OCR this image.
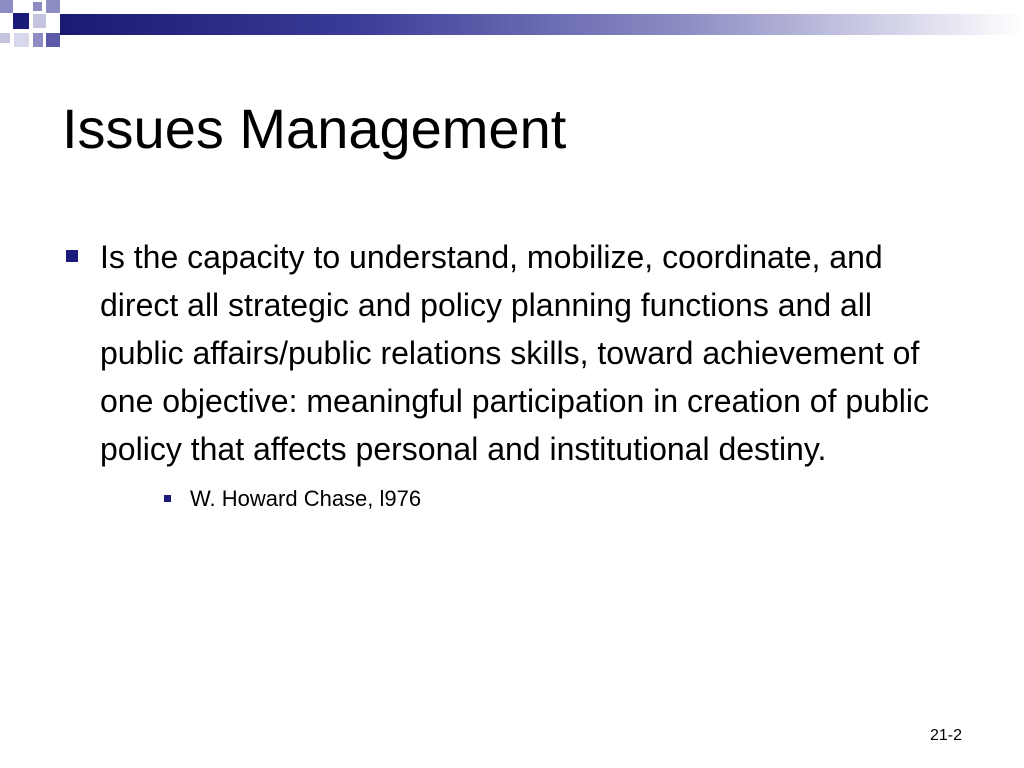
Issues Management

Is the capacity to understand, mobilize, coordinate, and direct all strategic and policy planning functions and all public affairs/public relations skills, toward achievement of one objective: meaningful participation in creation of public policy that affects personal and institutional destiny.

W. Howard Chase, l976

21-2
